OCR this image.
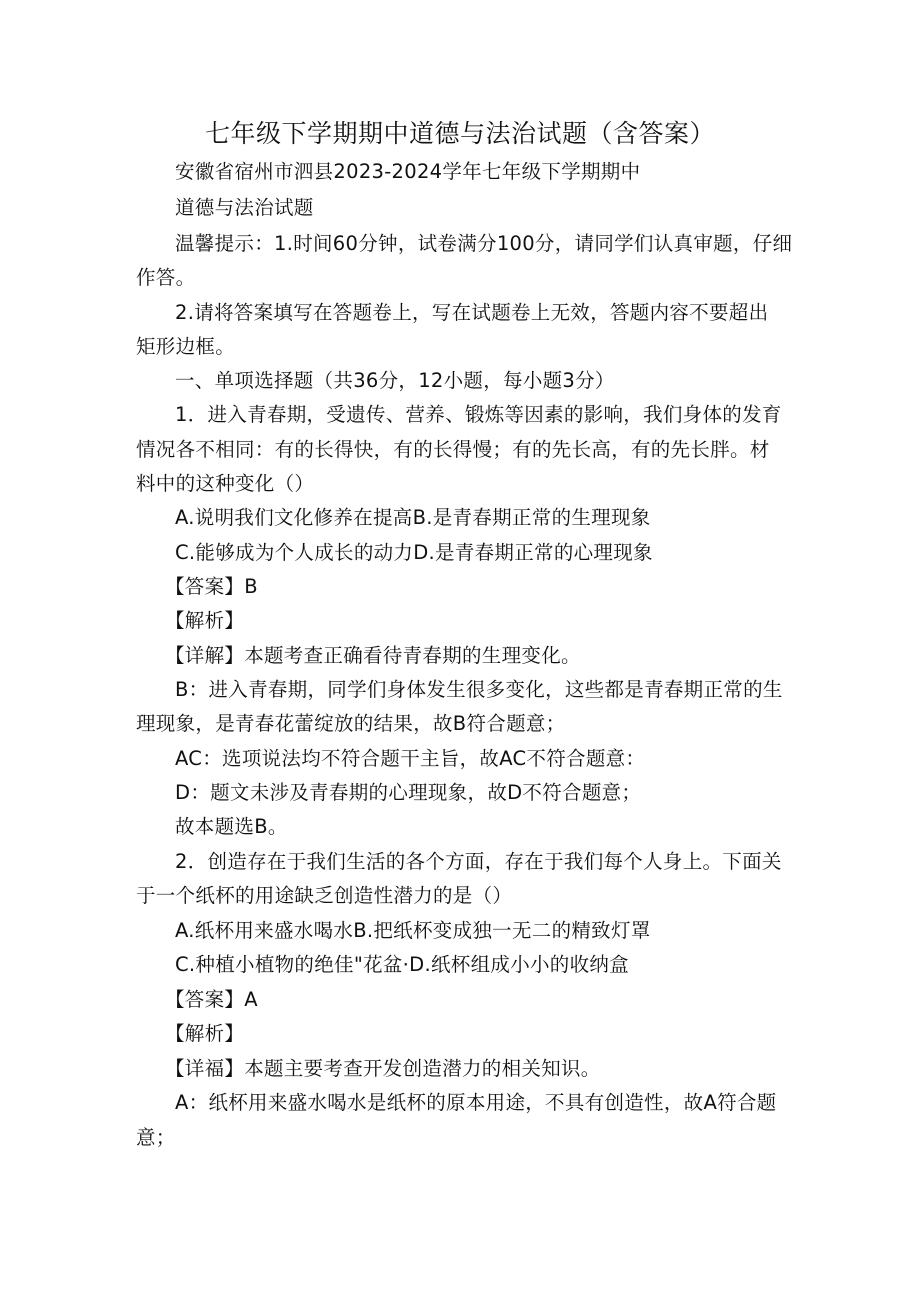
七年级下学期期中道德与法治试题（含答案）
安徽省宿州市泗县2023-2024学年七年级下学期期中
道德与法治试题
温馨提示：1.时间60分钟，试卷满分100分，请同学们认真审题，仔细
作答。
2.请将答案填写在答题卷上，写在试题卷上无效，答题内容不要超出
矩形边框。
一、单项选择题（共36分，12小题，每小题3分）
1．进入青春期，受遗传、营养、锻炼等因素的影响，我们身体的发育
情况各不相同：有的长得快，有的长得慢；有的先长高，有的先长胖。材
料中的这种变化（）
A.说明我们文化修养在提高B.是青春期正常的生理现象
C.能够成为个人成长的动力D.是青春期正常的心理现象
【答案】B
【解析】
【详解】本题考查正确看待青春期的生理变化。
B：进入青春期，同学们身体发生很多变化，这些都是青春期正常的生
理现象，是青春花蕾绽放的结果，故B符合题意；
AC：选项说法均不符合题干主旨，故AC不符合题意：
D：题文未涉及青春期的心理现象，故D不符合题意；
故本题选B。
2．创造存在于我们生活的各个方面，存在于我们每个人身上。下面关
于一个纸杯的用途缺乏创造性潜力的是（）
A.纸杯用来盛水喝水B.把纸杯变成独一无二的精致灯罩
C.种植小植物的绝佳"花盆·D.纸杯组成小小的收纳盒
【答案】A
【解析】
【详福】本题主要考查开发创造潜力的相关知识。
A：纸杯用来盛水喝水是纸杯的原本用途，不具有创造性，故A符合题
意；
